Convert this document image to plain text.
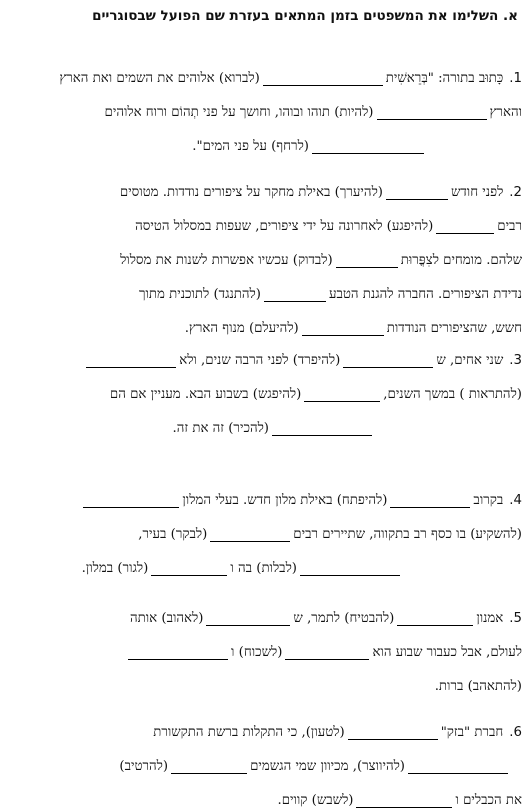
א. השלימו את המשפטים בזמן המתאים בעזרת שם הפועל שבסוגריים
1.
כָּתוּב בתורה: "בְּרֵאשִׁית
(לברוא) אלוהים את השמים ואת הארץ
והארץ
(להיות) תוהו ובוהו, וחושך על פני תְהוֹם ורוח אלוהים
(לרחף) על פני המים".
2.
לפני חודש
(להיערך) באילת מחקר על ציפורים נודדות. מטוסים
רבים
(להיפגע) לאחרונה על ידי ציפורים, שעפות במסלול הטיסה
שלהם. מומחים לצִפֳּרוּת
(לבדוק) עכשיו אפשרות לשנות את מסלול
נדידת הציפורים. החברה להגנת הטבע
(להתנגד) לתוכנית מתוך
חשש, שהציפורים הנודדות
(להיעלם) מנוף הארץ.
3.
שני אחים, ש
(להיפרד) לפני הרבה שנים, ולא
(להתראות ) במשך השנים,
(להיפגש) בשבוע הבא. מעניין אם הם
(להכיר) זה את זה.
4.
בקרוב
(להיפתח) באילת מלון חדש. בעלי המלון
(להשקיע) בו כסף רב בתקווה, שתיירים רבים
(לבקר) בעיר,
(לבלות) בה ו
(לגור) במלון.
5.
אמנון
(להבטיח) לתמר, ש
(לאהוב) אותה
לעולם, אבל כעבור שבוע הוא
(לשכוח) ו
(להתאהב) ברות.
6.
חברת "בזק"
(לטעון), כי התקלות ברשת התקשורת
(להיווצר), מכיוון שמי הגשמים
(להרטיב)
את הכבלים ו
(לשבש) קווים.
